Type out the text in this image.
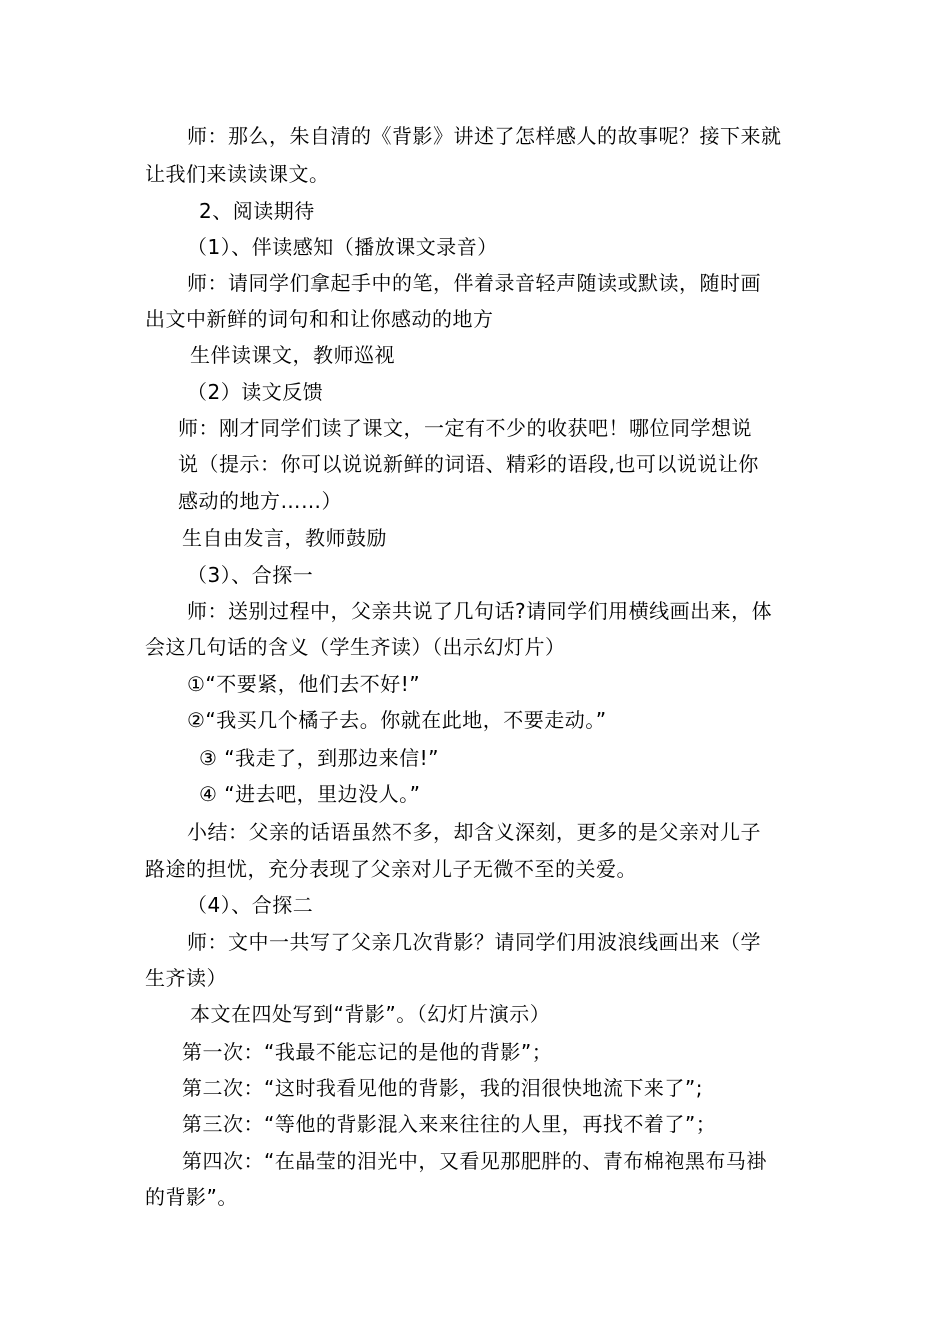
师：那么，朱自清的《背影》讲述了怎样感人的故事呢？接下来就
让我们来读读课文。
2、阅读期待
（1）、伴读感知（播放课文录音）
师：请同学们拿起手中的笔，伴着录音轻声随读或默读，随时画
出文中新鲜的词句和和让你感动的地方
生伴读课文，教师巡视
（2）读文反馈
师：刚才同学们读了课文，一定有不少的收获吧！哪位同学想说
说（提示：你可以说说新鲜的词语、精彩的语段,也可以说说让你
感动的地方……）
生自由发言，教师鼓励
（3）、合探一
师：送别过程中，父亲共说了几句话?请同学们用横线画出来，体
会这几句话的含义（学生齐读）（出示幻灯片）
①“不要紧，他们去不好!”
②“我买几个橘子去。你就在此地，不要走动。”
③ “我走了，到那边来信!”
④ “进去吧，里边没人。”
小结：父亲的话语虽然不多，却含义深刻，更多的是父亲对儿子
路途的担忧，充分表现了父亲对儿子无微不至的关爱。
（4）、合探二
师：文中一共写了父亲几次背影？请同学们用波浪线画出来（学
生齐读）
本文在四处写到“背影”。（幻灯片演示）
第一次：“我最不能忘记的是他的背影”；
第二次：“这时我看见他的背影，我的泪很快地流下来了”;
第三次：“等他的背影混入来来往往的人里，再找不着了”；
第四次：“在晶莹的泪光中，又看见那肥胖的、青布棉袍黑布马褂
的背影”。
